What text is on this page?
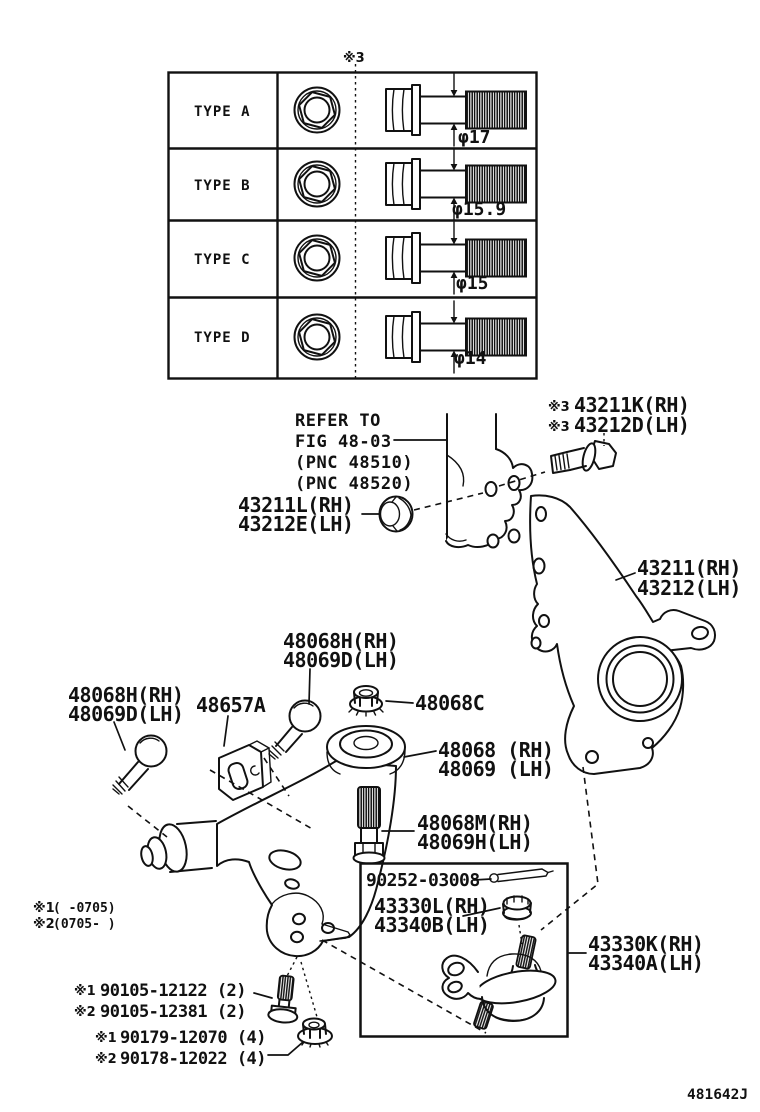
※3
TYPE A
TYPE B
TYPE C
TYPE D
φ17
φ15.9
φ15
φ14
REFER TO
FIG 48-03
(PNC 48510)
(PNC 48520)
※3 43211K(RH)
※3 43212D(LH)
43211L(RH)
43212E(LH)
43211(RH)
43212(LH)
48068H(RH)
48069D(LH)
48068H(RH)
48069D(LH) 48657A	48068C
48068 (RH)
48069 (LH)
48068M(RH)
48069H(LH)
90252-03008
43330L(RH)
43340B(LH)
43330K(RH)
43340A(LH)
※1 90105-12122 (2)
※2 90105-12381 (2)
※1 90179-12070 (4)
※2 90178-12022 (4)
※1
( -0705)
※2
(0705- )
481642J
